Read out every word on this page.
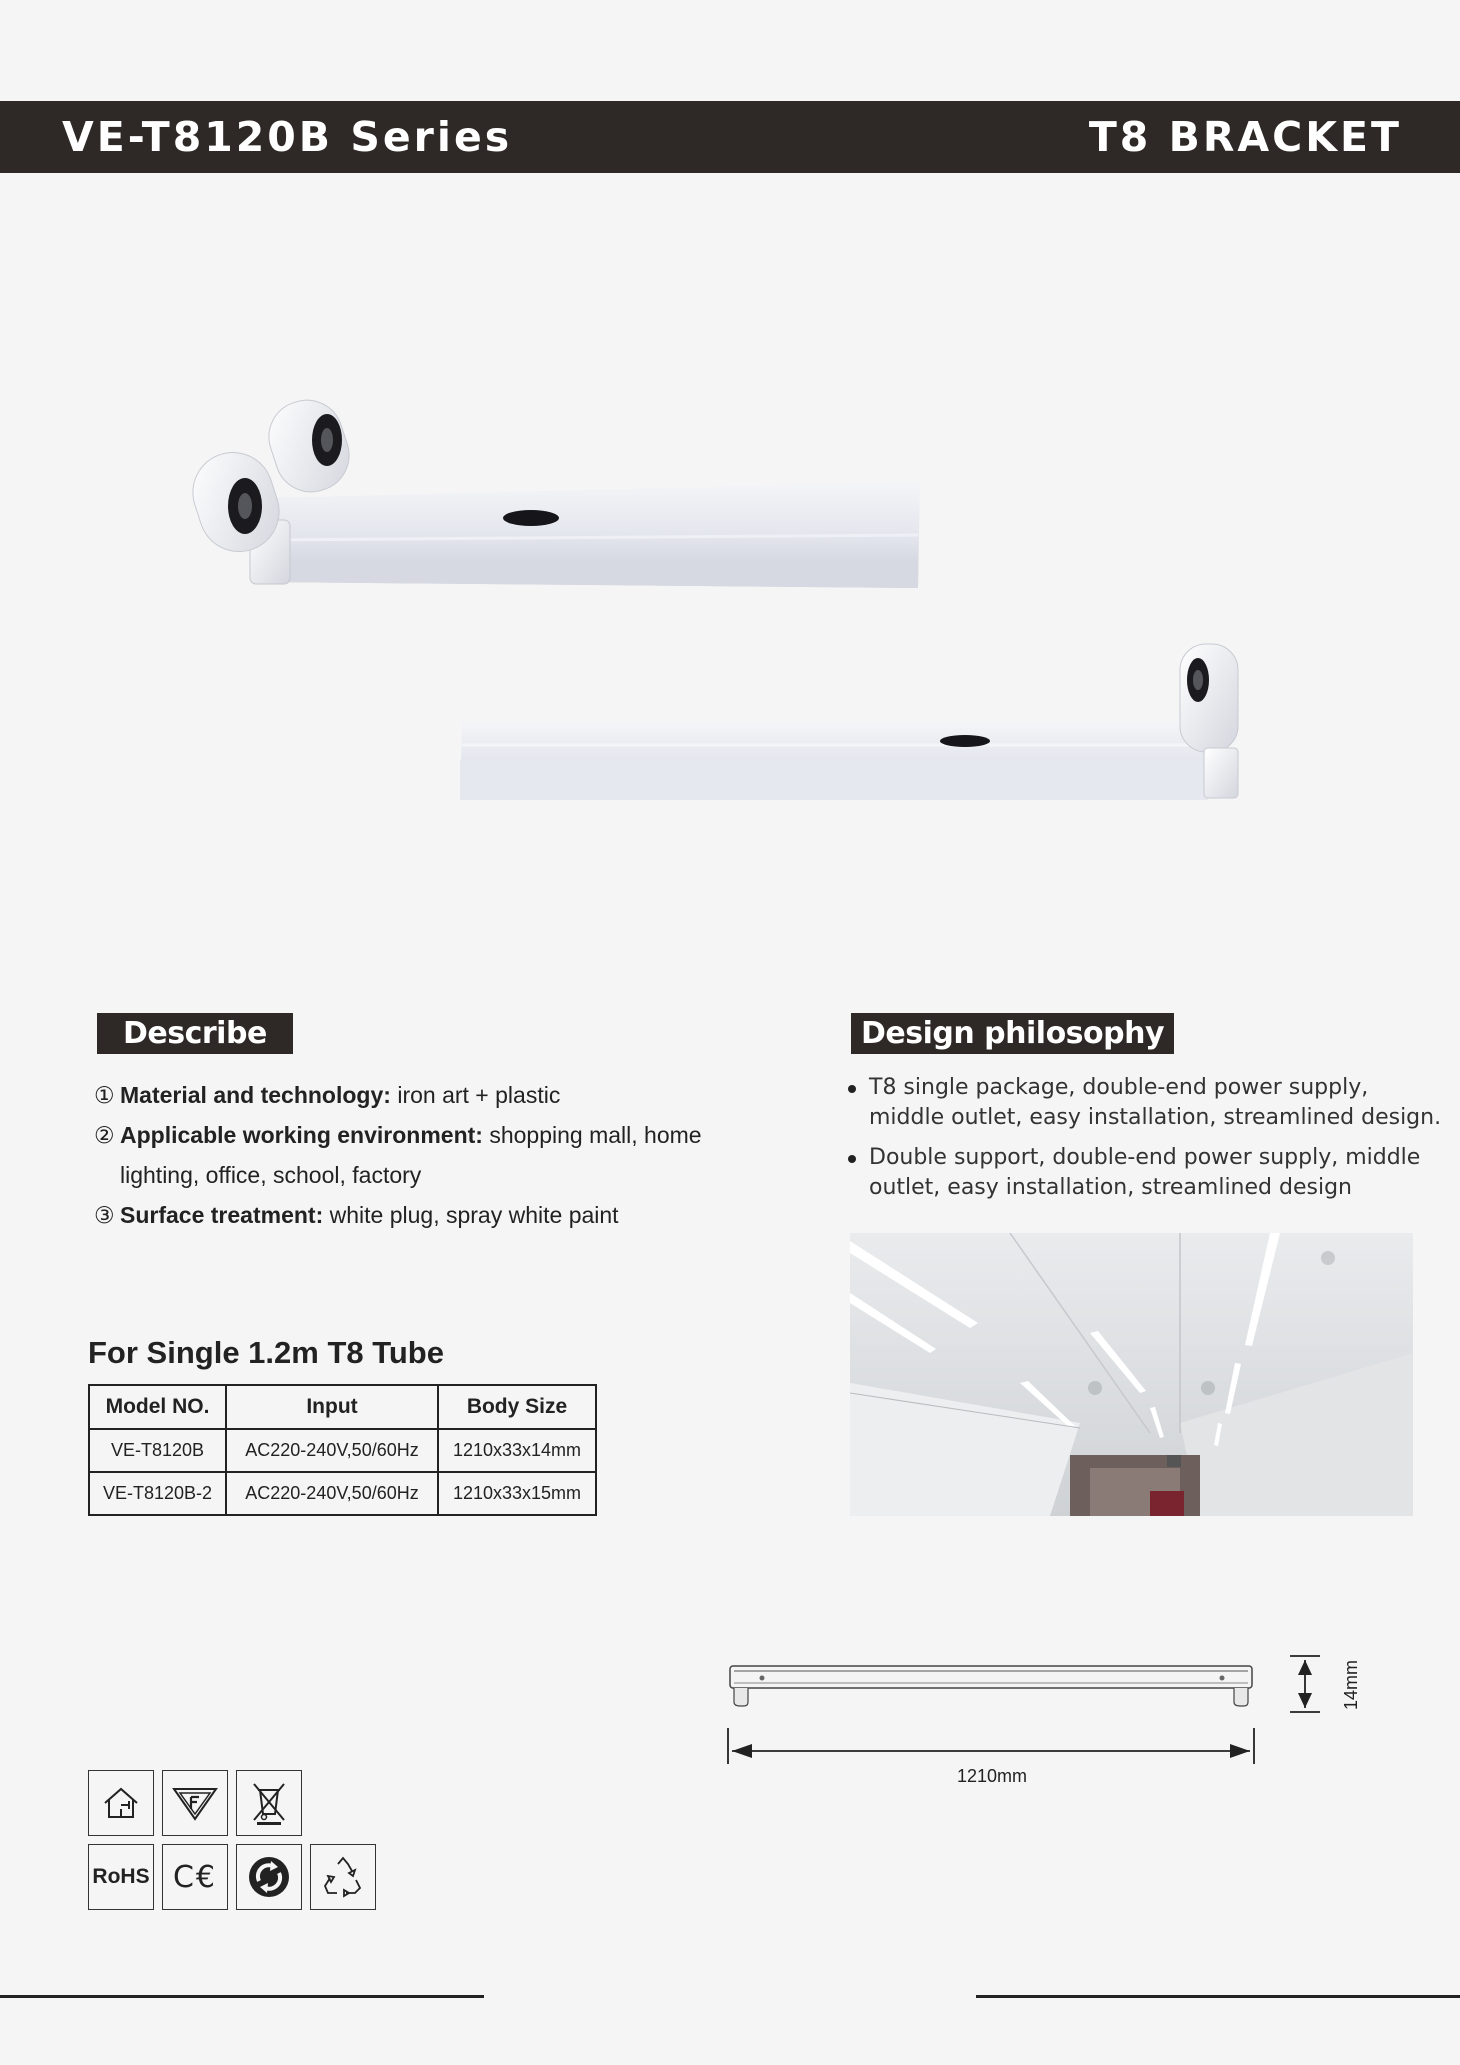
VE-T8120B Series	T8 BRACKET
Describe
① Material and technology: iron art + plastic
② Applicable working environment: shopping mall, home lighting, office, school, factory
③ Surface treatment: white plug, spray white paint
Design philosophy
T8 single package, double-end power supply, middle outlet, easy installation, streamlined design.
Double support, double-end power supply, middle outlet, easy installation, streamlined design
For Single 1.2m T8 Tube
Model NO.	Input	Body Size
VE-T8120B	AC220-240V,50/60Hz	1210x33x14mm
VE-T8120B-2	AC220-240V,50/60Hz	1210x33x15mm
1210mm
14mm
RoHS C€
